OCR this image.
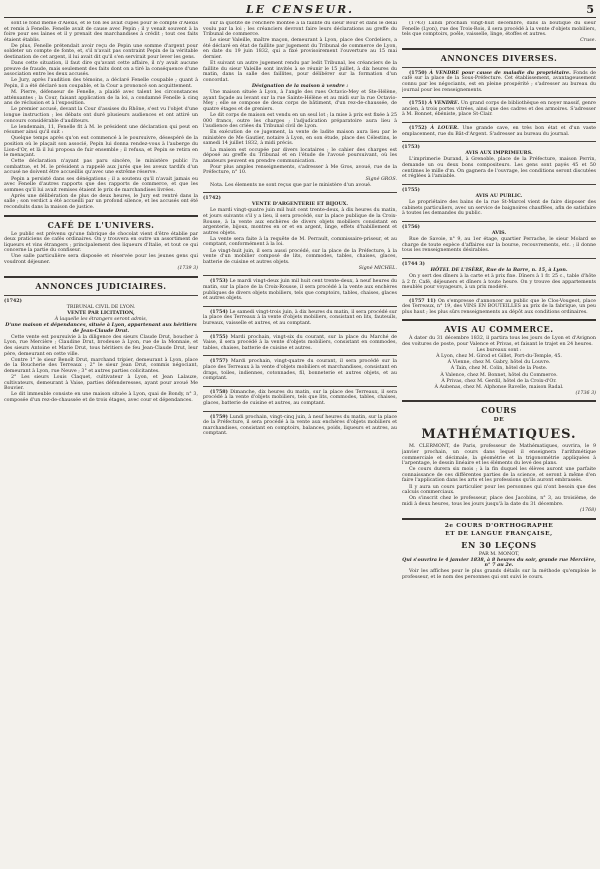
LE CENSEUR.	5

sont le fond même d'Alexis, et le ton les avait cupés pour le compte d'Alexis et remis à Fenelle. Fenelle avait de cause avec Pepin ; il y venait souvent à la foire pour ses laines et il y prenait des marchandises à crédit ; tout ces faits étaient établis.

De plus, Fenelle prétendait avoir reçu de Pepin une somme d'argent pour soldeter un compte de fonte, et, s'il n'avait pas contraint Pepin de la véritable destination de cet argent, il lui avait dit qu'il s'en servirait pour lever les gens.

Dans cette situation, il faut dire qu'avant cette affaire, il n'y avait aucune preuve de fraude, mais seulement des faits dont on a tiré la conséquence d'une association entre les deux accusés.

Le Jury, après l'audition des témoins, a déclaré Fenelle coupable ; quant à Pepin, il a été déclaré non coupable, et la Cour a prononcé son acquittement.

M. Pierre, défenseur de Fenelle, a plaidé avec talent les circonstances atténuantes ; la Cour, faisant application de la loi, a condamné Fenelle à cinq ans de réclusion et à l'exposition.

Le premier accusé, devant la Cour d'assises du Rhône, s'est vu l'objet d'une longue instruction ; les débats ont duré plusieurs audiences et ont attiré un concours considérable d'auditeurs.

Le lendemain, 11, Fenelle fit à M. le président une déclaration qui peut en résumer ainsi qu'il suit :

Quelque temps après qu'on eut commencé à le poursuivre, désespéré de la position où le plaçait son associé, Pepin lui donna rendez-vous à l'auberge du Lion-d'Or, et là il lui proposa de fuir ensemble ; il refusa, et Pepin se retira en le menaçant.

Cette déclaration n'ayant pas paru sincère, le ministère public l'a combattue, et M. le président a rappelé aux jurés que les aveux tardifs d'un accusé ne doivent être accueillis qu'avec une extrême réserve.

Pepin a persisté dans ses dénégations ; il a soutenu qu'il n'avait jamais eu avec Fenelle d'autres rapports que des rapports de commerce, et que les sommes qu'il lui avait remises étaient le prix de marchandises livrées.

Après une délibération de plus de deux heures, le Jury est rentré dans la salle ; son verdict a été accueilli par un profond silence, et les accusés ont été reconduits dans la maison de justice.

CAFÉ DE L'UNIVERS.

Le public est prévenu qu'une fabrique de chocolat vient d'être établie par deux praticiens de cafés ordinaires. On y trouvera en outre un assortiment de liqueurs et vins étrangers ; principalement des liqueurs d'Italie, et tout ce qui concerne la partie du confiseur.

Une salle particulière sera disposée et réservée pour les jeunes gens qui voudront déjeuner.

(1739 3)

ANNONCES JUDICIAIRES.

(1742)

TRIBUNAL CIVIL DE LYON.

VENTE PAR LICITATION,

À laquelle les étrangers seront admis,

D'une maison et dépendances, située à Lyon, appartenant aux héritiers de Jean-Claude Drut.

Cette vente est poursuivie à la diligence des sieurs Claude Drut, boucher à Lyon, rue Mercière ; Claudine Drut, brodeuse à Lyon, rue de la Monnaie, et des sieurs Antoine et Marie Drut, tous héritiers de feu Jean-Claude Drut, leur père, demeurant en cette ville.

Contre 1° le sieur Benoît Drut, marchand tripier, demeurant à Lyon, place de la Boucherie des Terreaux ; 2° le sieur Jean Drut, commis négociant, demeurant à Lyon, rue Neuve ; 3° et autres parties colicitantes.

2° Les sieurs Louis Claquet, cultivateur à Lyon, et Jean Lalauze, cultivateurs, demeurant à Vaise, parties défenderesses, ayant pour avoué Me Bouvier.

Le dit immeuble consiste en une maison située à Lyon, quai de Bondy, n° 3, composée d'un rez-de-chaussée et de trois étages, avec cour et dépendances.

sur la quotité de l'enchère montée à la faillite du sieur Bour et dans le délai voulu par la loi ; les créanciers devront faire leurs déclarations au greffe du Tribunal de commerce.

Le sieur Valeille, maître maçon, demeurant à Lyon, place des Cordeliers, a été déclaré en état de faillite par jugement du Tribunal de commerce de Lyon, en date du 19 juin 1832, qui a fixé provisoirement l'ouverture au 15 mai dernier.

Et suivant un autre jugement rendu par ledit Tribunal, les créanciers de la faillite du sieur Valeille sont invités à se réunir le 15 juillet, à dix heures du matin, dans la salle des faillites, pour délibérer sur la formation d'un concordat.

Désignation de la maison à vendre :

Une maison située à Lyon, à l'angle des rues Octavio-Mey et Ste-Hélène, ayant façade au levant sur la rue Sainte-Hélène et au midi sur la rue Octavio-Mey ; elle se compose de deux corps de bâtiment, d'un rez-de-chaussée, de quatre étages et de greniers.

Le dit corps de maison est vendu en un seul lot ; la mise à prix est fixée à 25 000 francs, outre les charges ; l'adjudication préparatoire aura lieu à l'audience des criées du Tribunal civil de Lyon.

En exécution de ce jugement, la vente de ladite maison aura lieu par le ministère de Me Gautier, notaire à Lyon, en son étude, place des Célestins, le samedi 14 juillet 1832, à midi précis.

La maison est occupée par divers locataires ; le cahier des charges est déposé au greffe du Tribunal et en l'étude de l'avoué poursuivant, où les amateurs peuvent en prendre communication.

Pour plus amples renseignements, s'adresser à Me Gros, avoué, rue de la Préfecture, n° 10.

Signé GROS.

Nota. Les élements ne sont reçus que par le ministère d'un avoué.

(1742)

VENTE D'ARGENTERIE ET BIJOUX.

Le mardi vingt-quatre juin mil huit cent trente-deux, à dix heures du matin, et jours suivants s'il y a lieu, il sera procédé, sur la place publique de la Croix-Rousse, à la vente aux enchères de divers objets mobiliers consistant en argenterie, bijoux, montres en or et en argent, linge, effets d'habillement et autres objets.

La vente sera faite à la requête de M. Perrault, commissaire-priseur, et au comptant, conformément à la loi.

Le vingt-huit juin, il sera aussi procédé, sur la place de la Préfecture, à la vente d'un mobilier composé de lits, commodes, tables, chaises, glaces, batterie de cuisine et autres objets.

Signé MICHEL.

(1753) Le mardi vingt-deux juin mil huit cent trente-deux, à neuf heures du matin, sur la place de la Croix-Rousse, il sera procédé à la vente aux enchères publiques de divers objets mobiliers, tels que comptoirs, tables, chaises, glaces et autres objets.

(1754) Le samedi vingt-trois juin, à dix heures du matin, il sera procédé sur la place des Terreaux à la vente d'objets mobiliers, consistant en lits, fauteuils, bureaux, vaisselle et autres, et au comptant.

(1755) Mardi prochain, vingt-six du courant, sur la place du Marché de Vaise, il sera procédé à la vente d'objets mobiliers, consistant en commodes, tables, chaises, batterie de cuisine et autres.

(1757) Mardi prochain, vingt-quatre du courant, il sera procédé sur la place des Terreaux à la vente d'objets mobiliers et marchandises, consistant en draps, toiles, indiennes, cotonnades, fil, bonneterie et autres objets, et au comptant.

(1758) Dimanche, dix heures du matin, sur la place des Terreaux, il sera procédé à la vente d'objets mobiliers, tels que lits, commodes, tables, chaises, glaces, batterie de cuisine et autres, au comptant.

(1759) Lundi prochain, vingt-cinq juin, à neuf heures du matin, sur la place de la Préfecture, il sera procédé à la vente aux enchères d'objets mobiliers et marchandises, consistant en comptoirs, balances, poids, liqueurs et autres, au comptant.

(1743) Lundi prochain vingt-huit décembre, dans la boutique du sieur Fenelle (Lyon), rue des Trois-Rois, il sera procédé à la vente d'objets mobiliers, tels que comptoirs, poêle, vaisselle, linge, étoffes et autres.

Cruse.

ANNONCES DIVERSES.

(1750) À VENDRE pour cause de maladie du propriétaire. Fonds de café sur la place de la Sous-Préfecture. Cet établissement, avantageusement connu par les négociants, est en pleine prospérité ; s'adresser au bureau du journal pour les renseignements.

(1751) À VENDRE. Un grand corps de bibliothèque en noyer massif, genre ancien, à trois portes vitrées, ainsi que des cadres et des armoires. S'adresser à M. Bonnet, ébéniste, place St-Clair.

(1752) À LOUER. Une grande cave, en très bon état et d'un vaste emplacement, rue du Bât-d'Argent. S'adresser au bureau du journal.

(1753)

AVIS AUX IMPRIMEURS.

L'imprimerie Durand, à Grenoble, place de la Préfecture, maison Perrin, demande un ou deux bons compositeurs. Les gens sont payés 45 et 50 centimes le mille d'm. On gagnera de l'ouvrage, les conditions seront discutées et réglées à l'amiable.

(1755)

AVIS AU PUBLIC.

Le propriétaire des bains de la rue St-Marcel vient de faire disposer des cabinets particuliers, avec un service de baignoires chauffées, afin de satisfaire à toutes les demandes du public.

(1756)

AVIS.

Rue de Savoie, n° 9, au 1er étage, quartier Perrache, le sieur Molard se charge de toute espèce d'affaires sur la bourse, recouvrements, etc. ; il donne tous les renseignements désirables.

(1744 3)

HÔTEL DE L'ISÈRE, Rue de la Barre, n. 15, à Lyon.

On y sert des dîners à la carte et à prix fixe. Dîners à 1 fr. 25 c., table d'hôte à 2 fr. Café, déjeuners et dîners à toute heure. On y trouve des appartements meublés pour voyageurs, à un prix modéré.

(1757 11) On s'empresse d'annoncer au public que le Clos-Vougeot, place des Terreaux, n° 19, des VINS EN BOUTEILLES au prix de la fabrique, un peu plus haut ; les plus sûrs renseignements au dépôt aux conditions ordinaires.

AVIS AU COMMERCE.

À dater du 31 décembre 1832, il partira tous les jours de Lyon et d'Avignon des voitures de poste, pour Valence et Privas, et faisant le trajet en 24 heures.

Les bureaux sont :

À Lyon, chez M. Girod et Gillet, Port-du-Temple, 45.

À Vienne, chez M. Gabry, hôtel du Louvre.

À Tain, chez M. Colin, hôtel de la Poste.

À Valence, chez M. Bonnet, hôtel du Commerce.

À Privas, chez M. Gerdil, hôtel de la Croix-d'Or.

À Aubenas, chez M. Alphonse Ravelle, maison Radal.

(1736 3)

COURS
DE
MATHÉMATIQUES.

M. CLERMONT, de Paris, professeur de Mathématiques, ouvrira, le 9 janvier prochain, un cours dans lequel il enseignera l'arithmétique commerciale et décimale, la géométrie et la trigonométrie appliquées à l'arpentage, le dessin linéaire et les éléments du levé des plans.

Ce cours durera six mois ; à la fin duquel les élèves auront une parfaite connaissance de ces différentes parties de la science, et seront à même d'en faire l'application dans les arts et les professions qu'ils auront embrassés.

Il y aura un cours particulier pour les personnes qui n'ont besoin que des calculs commerciaux.

On s'inscrit chez le professeur, place des Jacobins, n° 3, au troisième, de midi à deux heures, tous les jours jusqu'à la date du 31 décembre.

(1768)

2e COURS D'ORTHOGRAPHE
ET DE LANGUE FRANÇAISE,
EN 30 LEÇONS

PAR M. MONOT,

Qui s'ouvrira le 4 janvier 1838, à 8 heures du soir, grande rue Mercière, n° 7 au 2e.

Voir les affiches pour le plus grands détails sur la méthode qu'emploie le professeur, et le nom des personnes qui ont suivi le cours.
